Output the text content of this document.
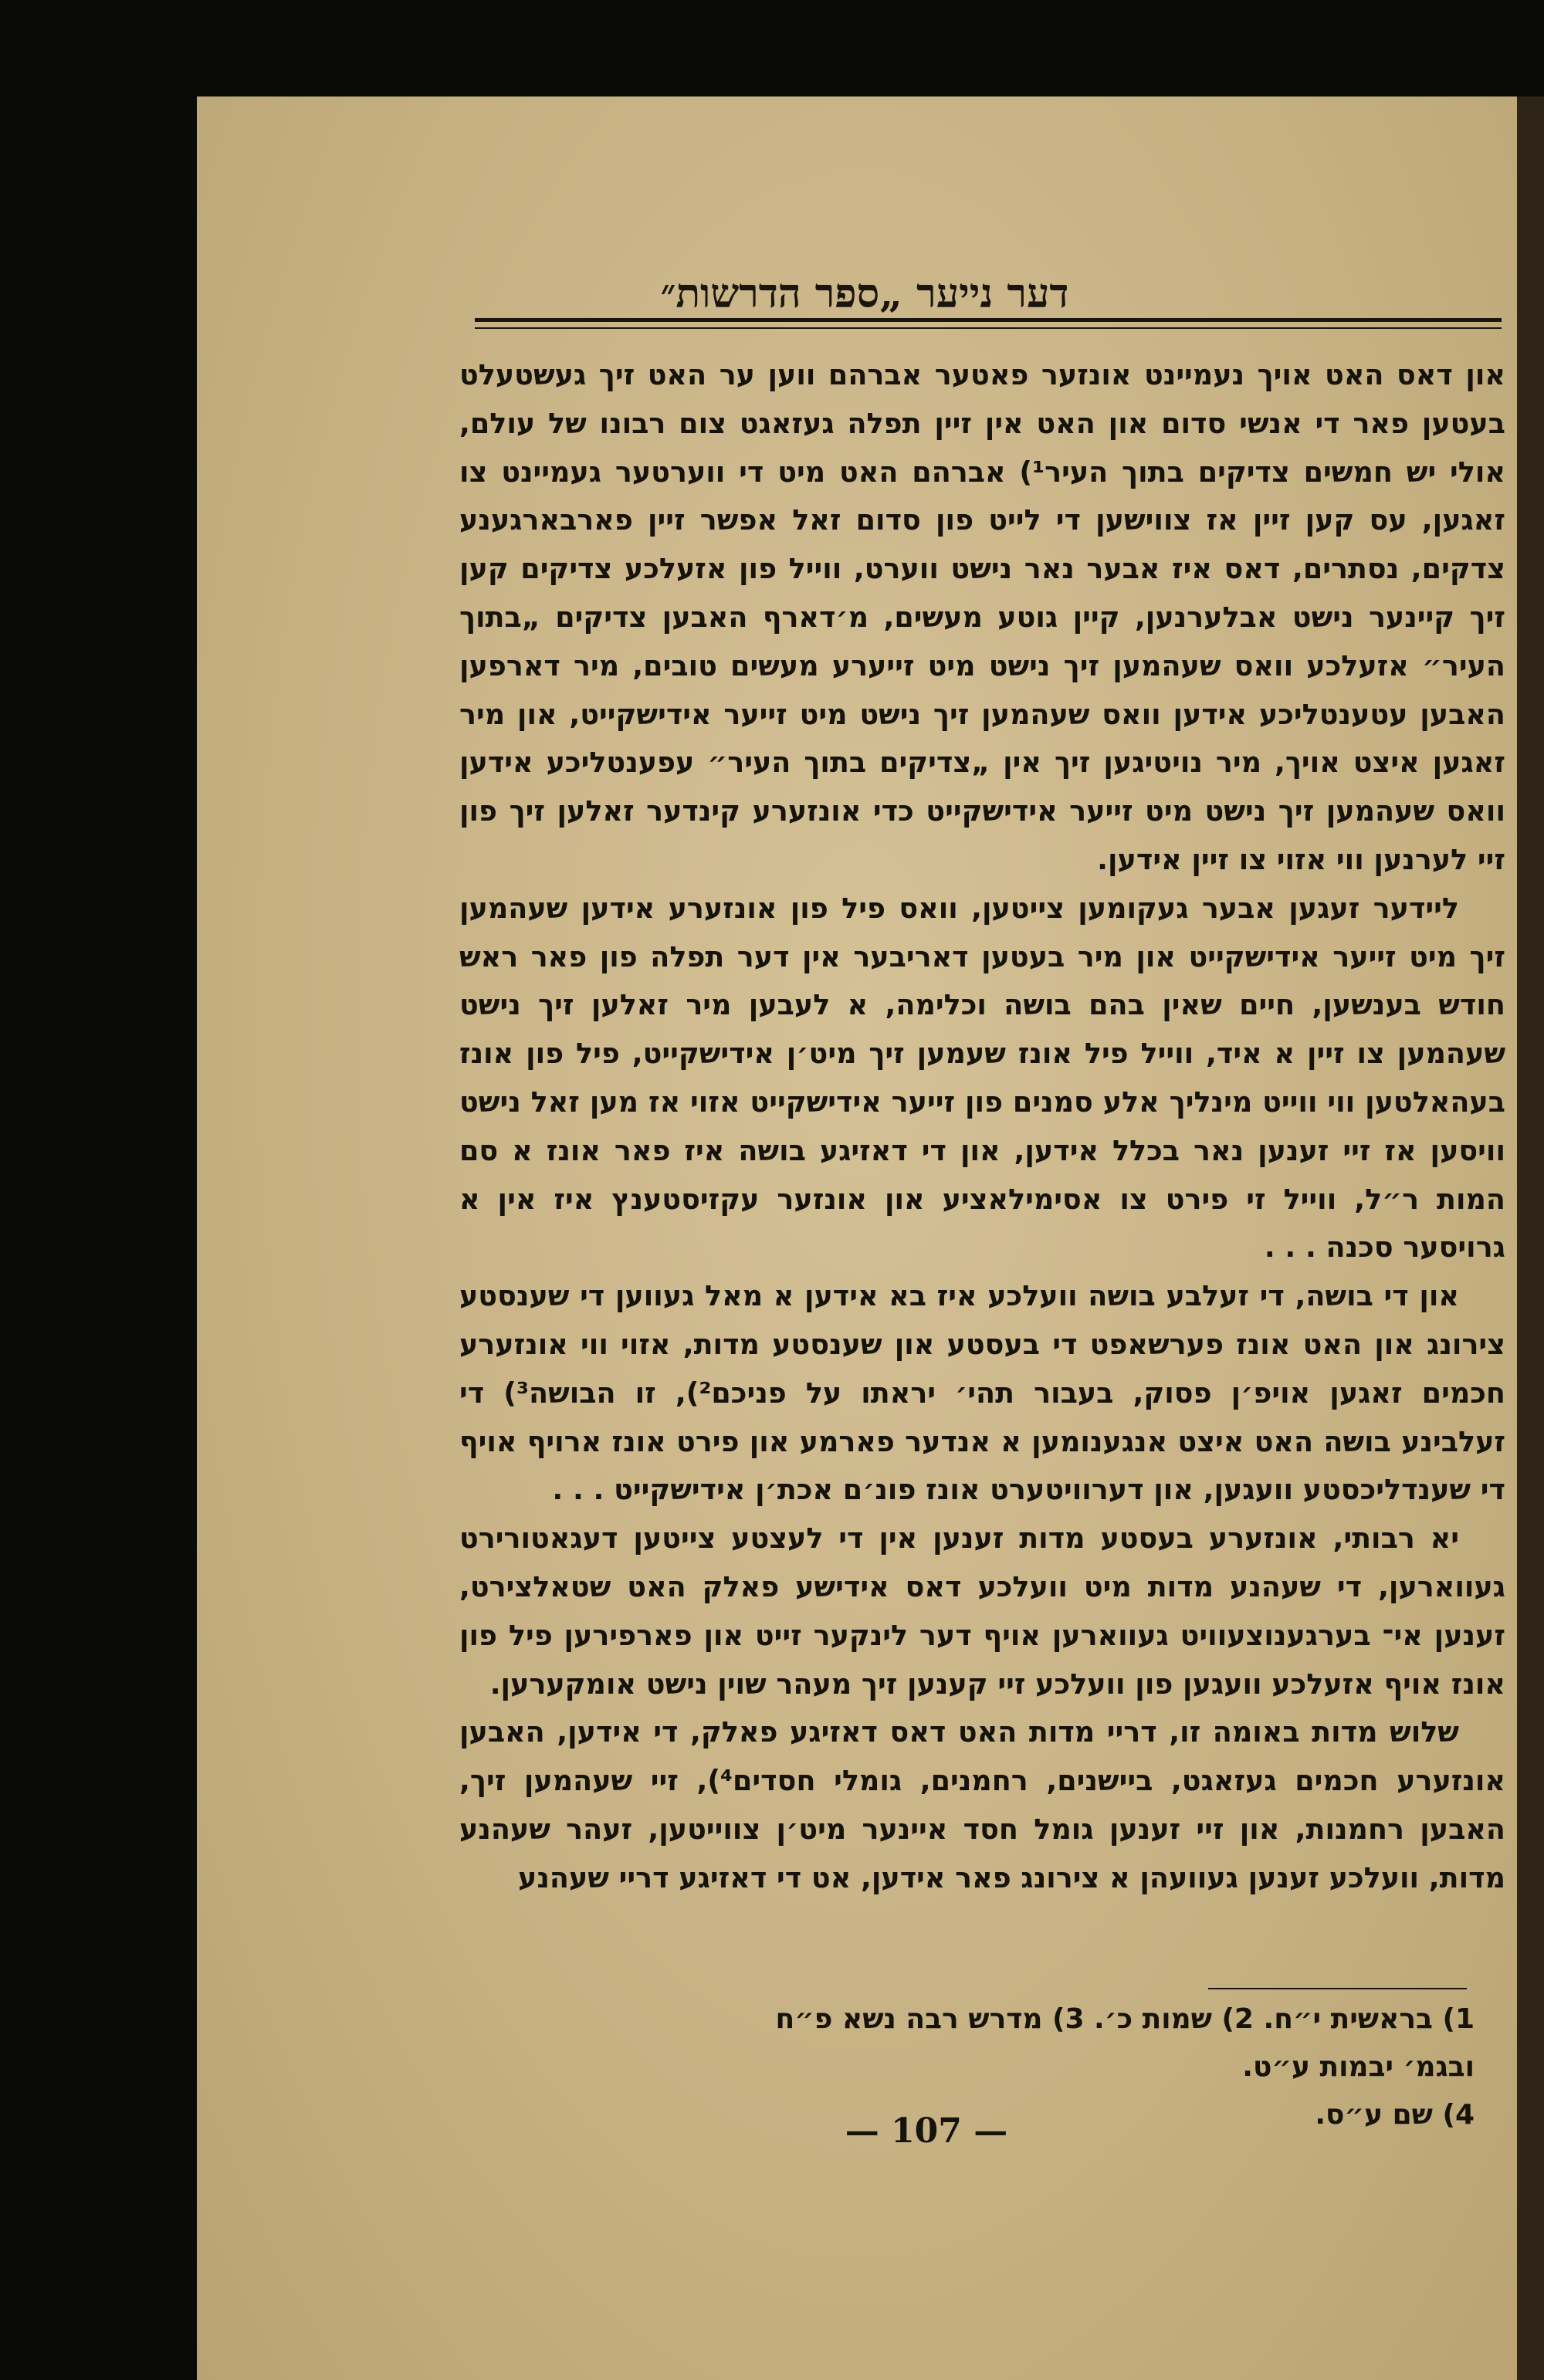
דער נייער „ספר הדרשות״

און דאס האט אויך נעמיינט אונזער פאטער אברהם ווען ער האט זיך געשטעלט בעטען פאר די אנשי סדום און האט אין זיין תפלה געזאגט צום רבונו של עולם, אולי יש חמשים צדיקים בתוך העיר¹) אברהם האט מיט די ווערטער געמיינט צו זאגען, עס קען זיין אז צווישען די לייט פון סדום זאל אפשר זיין פארבארגענע צדקים, נסתרים, דאס איז אבער נאר נישט ווערט, ווייל פון אזעלכע צדיקים קען זיך קיינער נישט אבלערנען, קיין גוטע מעשים, מ׳דארף האבען צדיקים „בתוך העיר״ אזעלכע וואס שעהמען זיך נישט מיט זייערע מעשים טובים, מיר דארפען האבען עטענטליכע אידען וואס שעהמען זיך נישט מיט זייער אידישקייט, און מיר זאגען איצט אויך, מיר נויטיגען זיך אין „צדיקים בתוך העיר״ עפענטליכע אידען וואס שעהמען זיך נישט מיט זייער אידישקייט כדי אונזערע קינדער זאלען זיך פון זיי לערנען ווי אזוי צו זיין אידען.

ליידער זעגען אבער געקומען צייטען, וואס פיל פון אונזערע אידען שעהמען זיך מיט זייער אידישקייט און מיר בעטען דאריבער אין דער תפלה פון פאר ראש חודש בענשען, חיים שאין בהם בושה וכלימה, א לעבען מיר זאלען זיך נישט שעהמען צו זיין א איד, ווייל פיל אונז שעמען זיך מיט׳ן אידישקייט, פיל פון אונז בעהאלטען ווי ווייט מינליך אלע סמנים פון זייער אידישקייט אזוי אז מען זאל נישט וויסען אז זיי זענען נאר בכלל אידען, און די דאזיגע בושה איז פאר אונז א סם המות ר״ל, ווייל זי פירט צו אסימילאציע און אונזער עקזיסטענץ איז אין א גרויסער סכנה . . .

און די בושה, די זעלבע בושה וועלכע איז בא אידען א מאל געווען די שענסטע צירונג און האט אונז פערשאפט די בעסטע און שענסטע מדות, אזוי ווי אונזערע חכמים זאגען אויפ׳ן פסוק, בעבור תהי׳ יראתו על פניכם²), זו הבושה³) די זעלבינע בושה האט איצט אנגענומען א אנדער פארמע און פירט אונז ארויף אויף די שענדליכסטע וועגען, און דערוויטערט אונז פונ׳ם אכת׳ן אידישקייט . . .

יא רבותי, אונזערע בעסטע מדות זענען אין די לעצטע צייטען דעגאטורירט געווארען, די שעהנע מדות מיט וועלכע דאס אידישע פאלק האט שטאלצירט, זענען אי־ בערגענוצעוויט געווארען אויף דער לינקער זייט און פארפירען פיל פון אונז אויף אזעלכע וועגען פון וועלכע זיי קענען זיך מעהר שוין נישט אומקערען.

שלוש מדות באומה זו, דריי מדות האט דאס דאזיגע פאלק, די אידען, האבען אונזערע חכמים געזאגט, ביישנים, רחמנים, גומלי חסדים⁴), זיי שעהמען זיך, האבען רחמנות, און זיי זענען גומל חסד איינער מיט׳ן צווייטען, זעהר שעהנע מדות, וועלכע זענען געוועהן א צירונג פאר אידען, אט די דאזיגע דריי שעהנע

1) בראשית י״ח. 2) שמות כ׳. 3) מדרש רבה נשא פ״ח ובגמ׳ יבמות ע״ט.

4) שם ע״ס.

— 107 —
